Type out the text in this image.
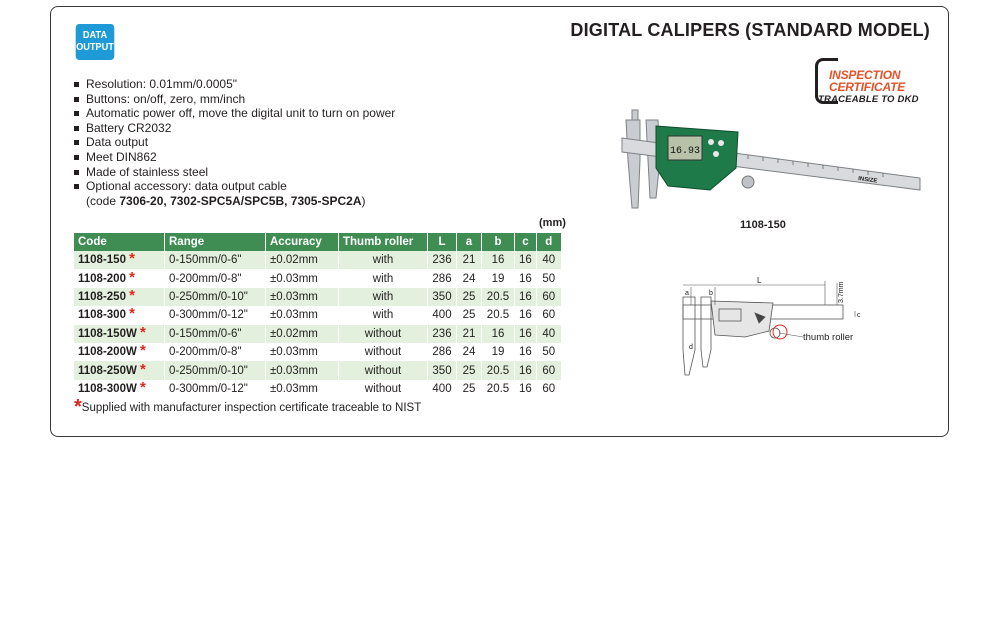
DATA
OUTPUT
DIGITAL CALIPERS (STANDARD MODEL)
INSPECTION
CERTIFICATE
TRACEABLE TO DKD
Resolution: 0.01mm/0.0005"
Buttons: on/off, zero, mm/inch
Automatic power off, move the digital unit to turn on power
Battery CR2032
Data output
Meet DIN862
Made of stainless steel
Optional accessory: data output cable
(code 7306-20, 7302-SPC5A/SPC5B, 7305-SPC2A)
(mm)
Code	Range	Accuracy	Thumb roller	L	a	b	c	d
1108-150 *	0-150mm/0-6"	±0.02mm	with	236	21	16	16	40
1108-200 *	0-200mm/0-8"	±0.03mm	with	286	24	19	16	50
1108-250 *	0-250mm/0-10"	±0.03mm	with	350	25	20.5	16	60
1108-300 *	0-300mm/0-12"	±0.03mm	with	400	25	20.5	16	60
1108-150W *	0-150mm/0-6"	±0.02mm	without	236	21	16	16	40
1108-200W *	0-200mm/0-8"	±0.03mm	without	286	24	19	16	50
1108-250W *	0-250mm/0-10"	±0.03mm	without	350	25	20.5	16	60
1108-300W *	0-300mm/0-12"	±0.03mm	without	400	25	20.5	16	60
*Supplied with manufacturer inspection certificate traceable to NIST
16.93
INSIZE
1108-150
L
a	b
c
d
3.7mm
thumb roller
